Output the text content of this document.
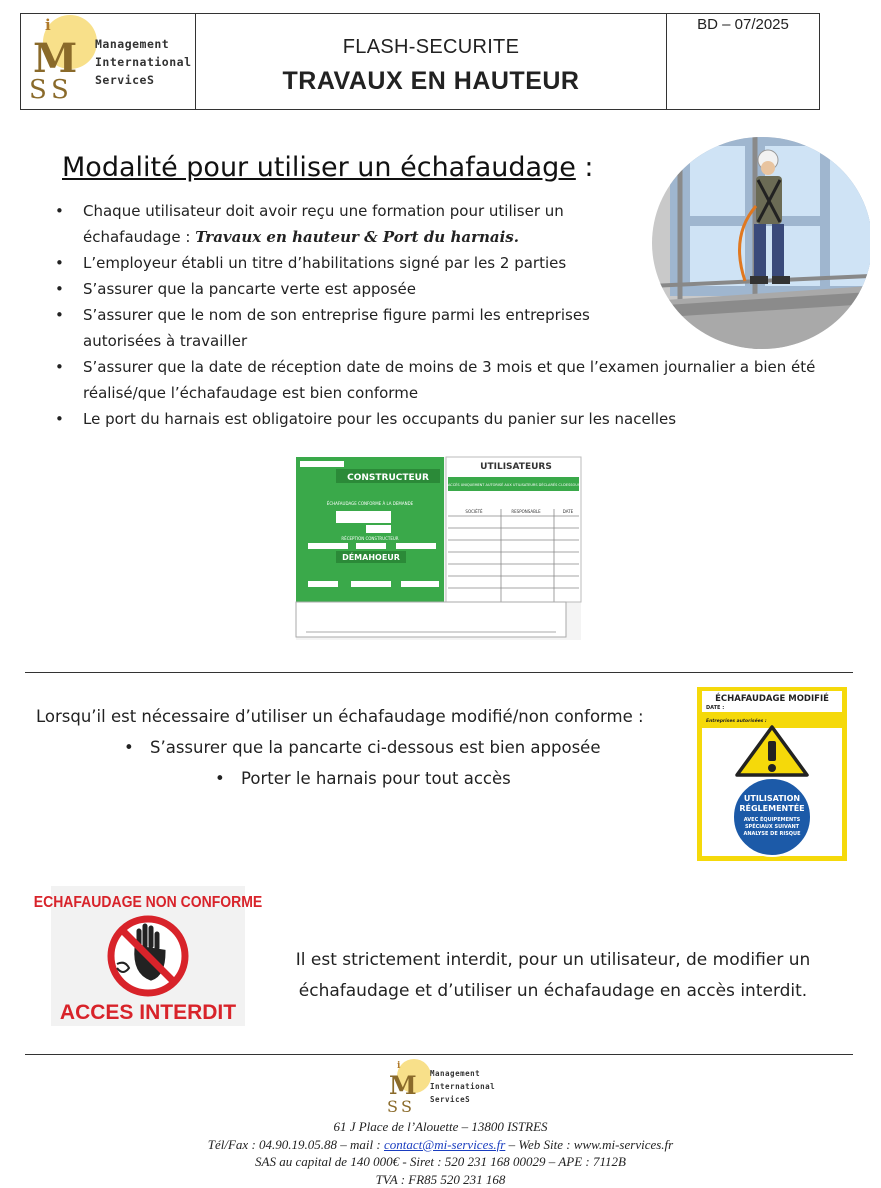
i
M
S S
Management
International
ServiceS
FLASH-SECURITE
TRAVAUX EN HAUTEUR
BD – 07/2025
Modalité pour utiliser un échafaudage :
• Chaque utilisateur doit avoir reçu une formation pour utiliser un échafaudage : Travaux en hauteur & Port du harnais.
• L’employeur établi un titre d’habilitations signé par les 2 parties
• S’assurer que la pancarte verte est apposée
• S’assurer que le nom de son entreprise figure parmi les entreprises autorisées à travailler
• S’assurer que la date de réception date de moins de 3 mois et que l’examen journalier a bien été réalisé/que l’échafaudage est bien conforme
• Le port du harnais est obligatoire pour les occupants du panier sur les nacelles
CONSTRUCTEUR
ÉCHAFAUDAGE CONFORME À LA DEMANDE
RÉCEPTION CONSTRUCTEUR
DÉMAHOEUR
UTILISATEURS
ACCÈS UNIQUEMENT AUTORISÉ AUX UTILISATEURS DÉCLARÉS CI-DESSOUS
SOCIÉTÉ	RESPONSABLE	DATE
Lorsqu’il est nécessaire d’utiliser un échafaudage modifié/non conforme :
• S’assurer que la pancarte ci-dessous est bien apposée
• Porter le harnais pour tout accès
ÉCHAFAUDAGE MODIFIÉ
DATE :
Entreprises autorisées :
UTILISATION
RÉGLEMENTÉE
AVEC ÉQUIPEMENTS
SPÉCIAUX SUIVANT
ANALYSE DE RISQUE
ECHAFAUDAGE NON CONFORME
ACCES INTERDIT
Il est strictement interdit, pour un utilisateur, de modifier un
échafaudage et d’utiliser un échafaudage en accès interdit.
i
M
S S
Management
International
ServiceS
61 J Place de l’Alouette – 13800 ISTRES
Tél/Fax : 04.90.19.05.88 – mail : contact@mi-services.fr – Web Site : www.mi-services.fr
SAS au capital de 140 000€ - Siret : 520 231 168 00029 – APE : 7112B
TVA : FR85 520 231 168
